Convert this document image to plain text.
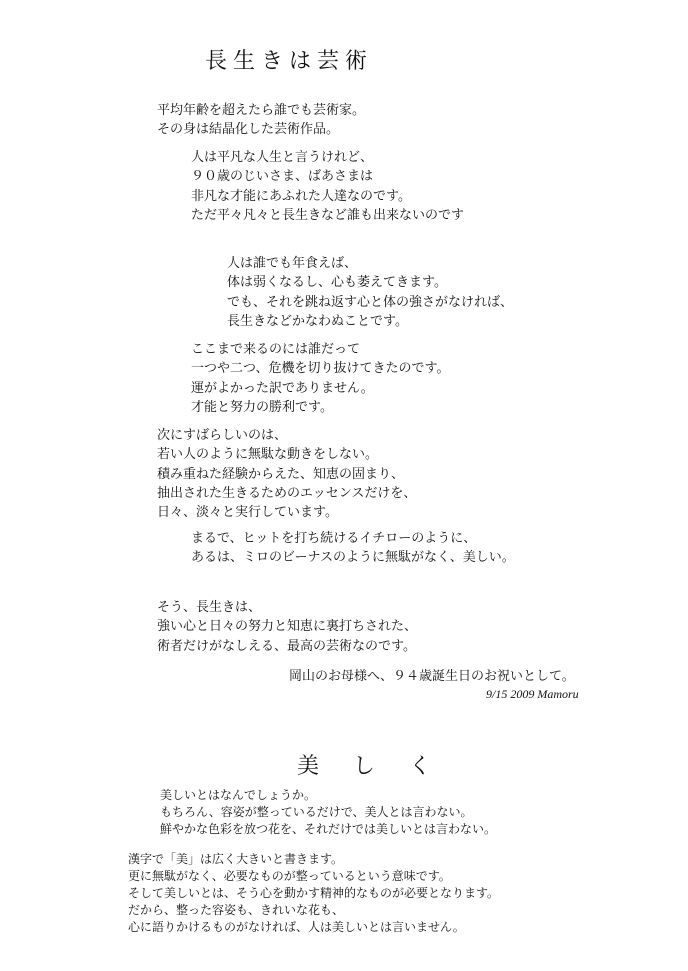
長生きは芸術
平均年齢を超えたら誰でも芸術家。
その身は結晶化した芸術作品。
人は平凡な人生と言うけれど、
９０歳のじいさま、ばあさまは
非凡な才能にあふれた人達なのです。
ただ平々凡々と長生きなど誰も出来ないのです
人は誰でも年食えば、
体は弱くなるし、心も萎えてきます。
でも、それを跳ね返す心と体の強さがなければ、
長生きなどかなわぬことです。
ここまで来るのには誰だって
一つや二つ、危機を切り抜けてきたのです。
運がよかった訳でありません。
才能と努力の勝利です。
次にすばらしいのは、
若い人のように無駄な動きをしない。
積み重ねた経験からえた、知恵の固まり、
抽出された生きるためのエッセンスだけを、
日々、淡々と実行しています。
まるで、ヒットを打ち続けるイチローのように、
あるは、ミロのビーナスのように無駄がなく、美しい。
そう、長生きは、
強い心と日々の努力と知恵に裏打ちされた、
術者だけがなしえる、最高の芸術なのです。
岡山のお母様へ、９４歳誕生日のお祝いとして。
9/15 2009 Mamoru
美　し　く
美しいとはなんでしょうか。
もちろん、容姿が整っているだけで、美人とは言わない。
鮮やかな色彩を放つ花を、それだけでは美しいとは言わない。
漢字で「美」は広く大きいと書きます。
更に無駄がなく、必要なものが整っているという意味です。
そして美しいとは、そう心を動かす精神的なものが必要となります。
だから、整った容姿も、きれいな花も、
心に語りかけるものがなければ、人は美しいとは言いません。
